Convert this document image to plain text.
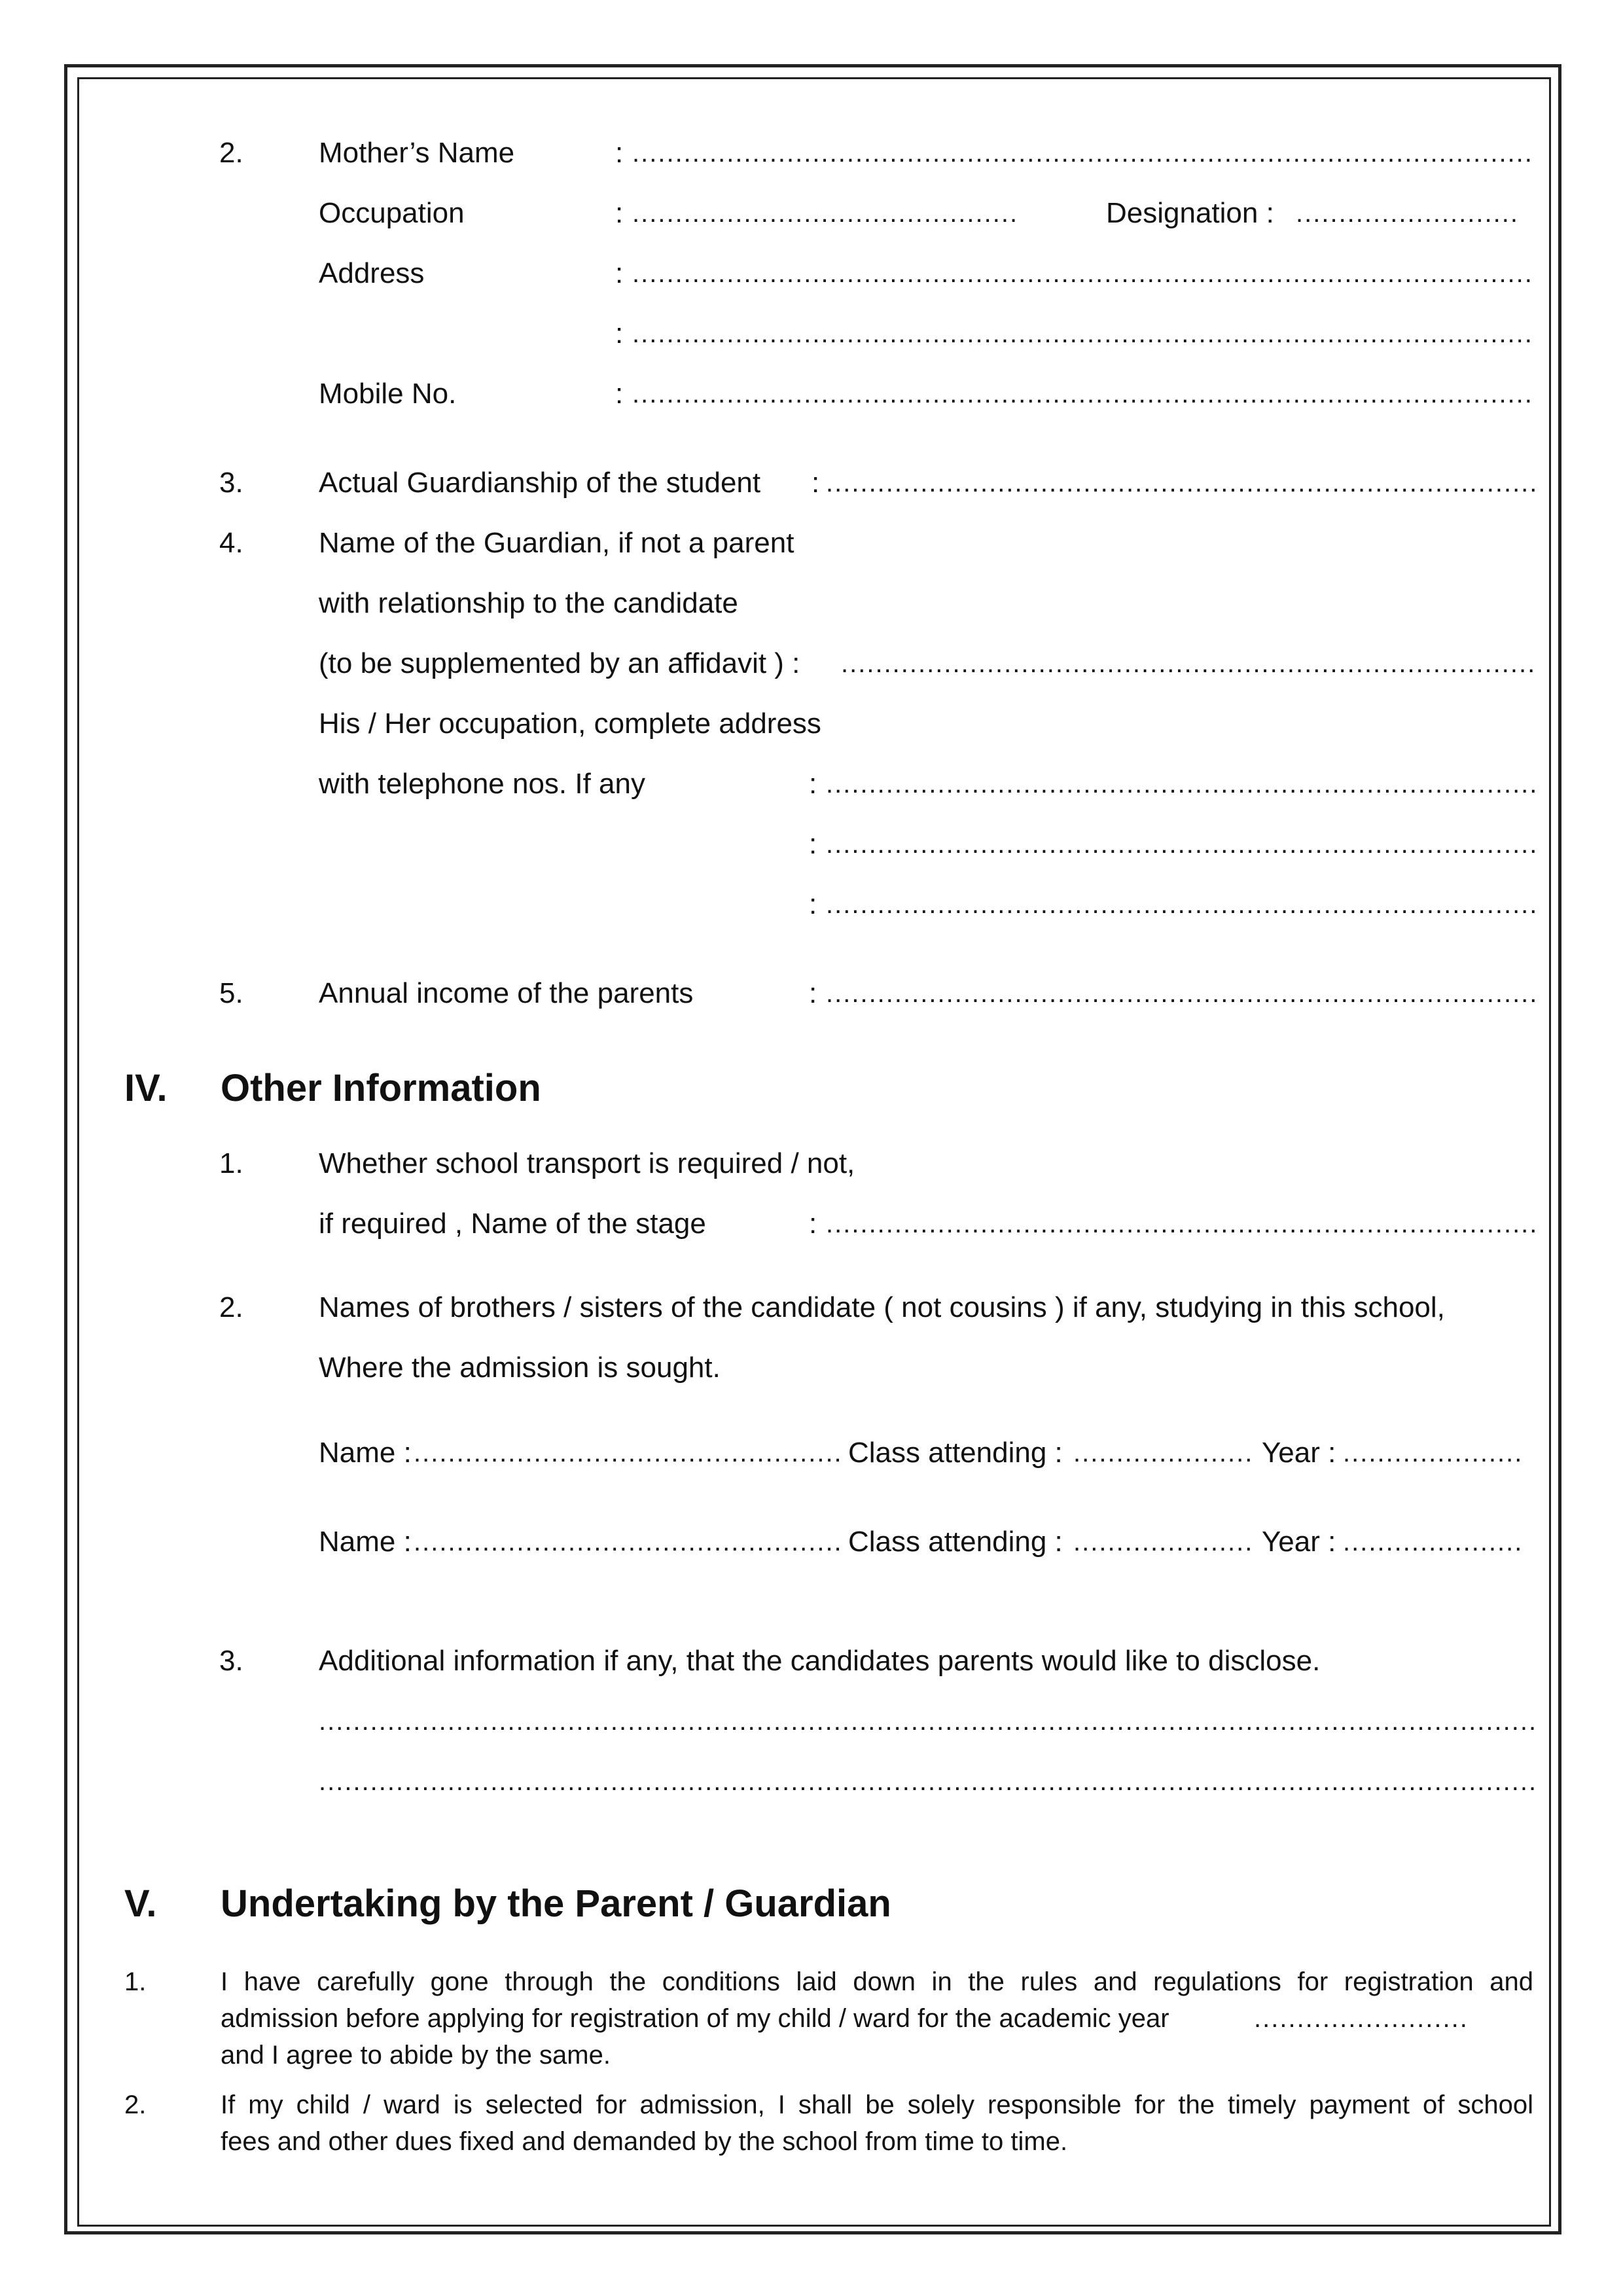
2.	Mother’s Name	:
.....
Occupation	: .....	Designation :
.....
Address	:
.....
:
.....
Mobile No.	:
.....
3.	Actual Guardianship of the student :
.....
4.	Name of the Guardian, if not a parent
with relationship to the candidate
(to be supplemented by an affidavit ) :
.....
His / Her occupation, complete address
with telephone nos. If any	:
.....
:
.....
:
.....
5.	Annual income of the parents	:
.....
IV. Other Information
1.	Whether school transport is required / not,
if required , Name of the stage	:
.....
2.	Names of brothers / sisters of the candidate ( not cousins ) if any, studying in this school,
Where the admission is sought.
Name : .....	Class attending : .....	Year :
.....
Name : .....	Class attending : .....	Year :
.....
3.	Additional information if any, that the candidates parents would like to disclose.
.....
.....
V. Undertaking by the Parent / Guardian
1.	I have carefully gone through the conditions laid down in the rules and regulations for registration and
admission before applying for registration of my child / ward for the academic year
.....
and I agree to abide by the same.
2.	If my child / ward is selected for admission, I shall be solely responsible for the timely payment of school
fees and other dues fixed and demanded by the school from time to time.
